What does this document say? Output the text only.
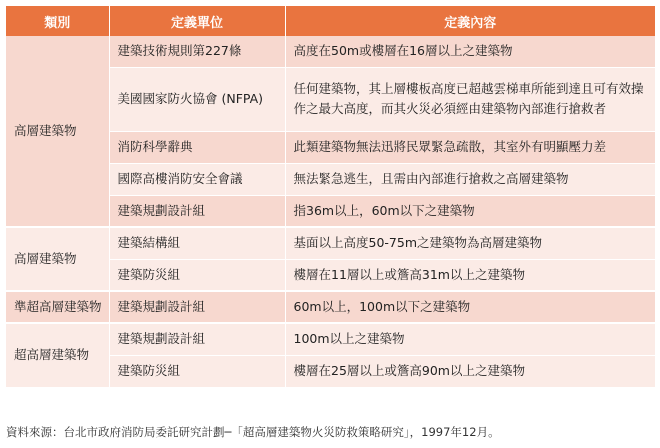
類別	定義單位	定義內容
高層建築物	建築技術規則第227條	高度在50m或樓層在16層以上之建築物
	美國國家防火協會 (NFPA)	任何建築物，其上層樓板高度已超越雲梯車所能到達且可有效操作之最大高度，而其火災必須經由建築物內部進行搶救者
	消防科學辭典	此類建築物無法迅將民眾緊急疏散，其室外有明顯壓力差
	國際高樓消防安全會議	無法緊急逃生，且需由內部進行搶救之高層建築物
	建築規劃設計組	指36m以上，60m以下之建築物
高層建築物	建築結構組	基面以上高度50-75m之建築物為高層建築物
	建築防災組	樓層在11層以上或簷高31m以上之建築物
準超高層建築物	建築規劃設計組	60m以上，100m以下之建築物
超高層建築物	建築規劃設計組	100m以上之建築物
	建築防災組	樓層在25層以上或簷高90m以上之建築物
資料來源：台北市政府消防局委託研究計劃─「超高層建築物火災防救策略研究」，1997年12月。
